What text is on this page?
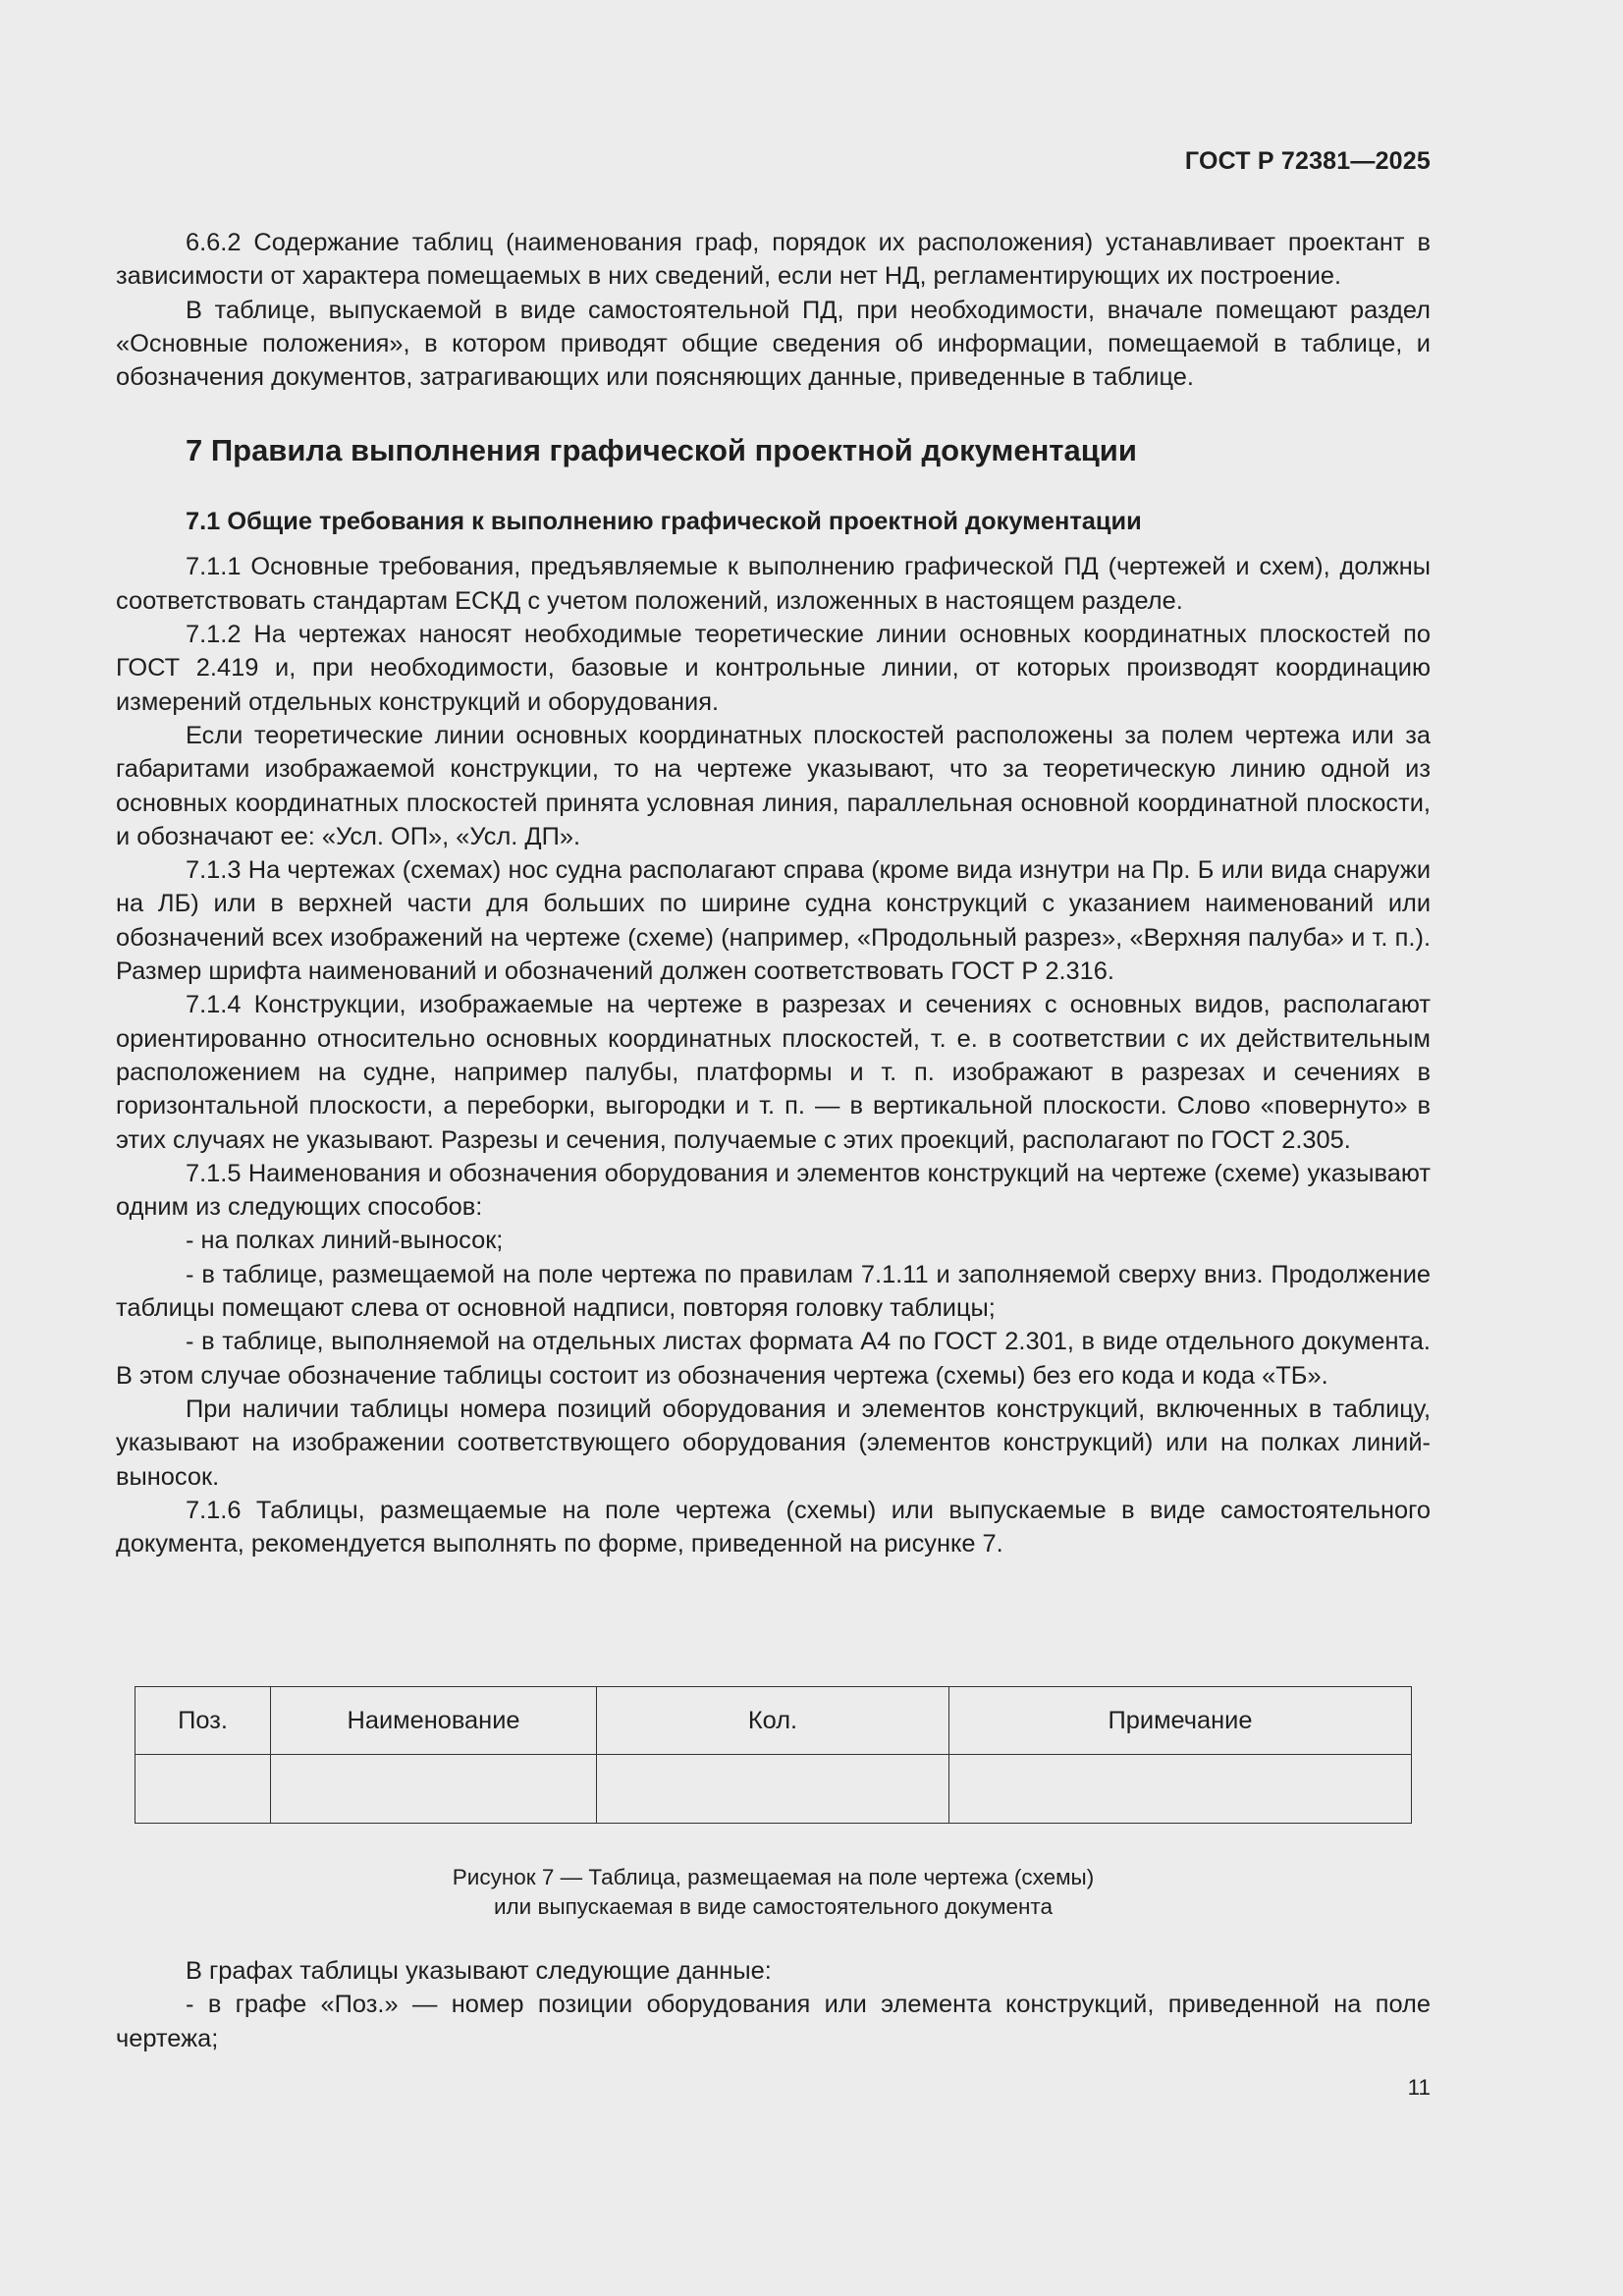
ГОСТ Р 72381—2025

6.6.2 Содержание таблиц (наименования граф, порядок их расположения) устанавливает проектант в зависимости от характера помещаемых в них сведений, если нет НД, регламентирующих их построение.

В таблице, выпускаемой в виде самостоятельной ПД, при необходимости, вначале помещают раздел «Основные положения», в котором приводят общие сведения об информации, помещаемой в таблице, и обозначения документов, затрагивающих или поясняющих данные, приведенные в таблице.

7 Правила выполнения графической проектной документации
7.1 Общие требования к выполнению графической проектной документации

7.1.1 Основные требования, предъявляемые к выполнению графической ПД (чертежей и схем), должны соответствовать стандартам ЕСКД с учетом положений, изложенных в настоящем разделе.

7.1.2 На чертежах наносят необходимые теоретические линии основных координатных плоскостей по ГОСТ 2.419 и, при необходимости, базовые и контрольные линии, от которых производят координацию измерений отдельных конструкций и оборудования.

Если теоретические линии основных координатных плоскостей расположены за полем чертежа или за габаритами изображаемой конструкции, то на чертеже указывают, что за теоретическую линию одной из основных координатных плоскостей принята условная линия, параллельная основной координатной плоскости, и обозначают ее: «Усл. ОП», «Усл. ДП».

7.1.3 На чертежах (схемах) нос судна располагают справа (кроме вида изнутри на Пр. Б или вида снаружи на ЛБ) или в верхней части для больших по ширине судна конструкций с указанием наименований или обозначений всех изображений на чертеже (схеме) (например, «Продольный разрез», «Верхняя палуба» и т. п.). Размер шрифта наименований и обозначений должен соответствовать ГОСТ Р 2.316.

7.1.4 Конструкции, изображаемые на чертеже в разрезах и сечениях с основных видов, располагают ориентированно относительно основных координатных плоскостей, т. е. в соответствии с их действительным расположением на судне, например палубы, платформы и т. п. изображают в разрезах и сечениях в горизонтальной плоскости, а переборки, выгородки и т. п. — в вертикальной плоскости. Слово «повернуто» в этих случаях не указывают. Разрезы и сечения, получаемые с этих проекций, располагают по ГОСТ 2.305.

7.1.5 Наименования и обозначения оборудования и элементов конструкций на чертеже (схеме) указывают одним из следующих способов:

- на полках линий-выносок;

- в таблице, размещаемой на поле чертежа по правилам 7.1.11 и заполняемой сверху вниз. Продолжение таблицы помещают слева от основной надписи, повторяя головку таблицы;

- в таблице, выполняемой на отдельных листах формата А4 по ГОСТ 2.301, в виде отдельного документа. В этом случае обозначение таблицы состоит из обозначения чертежа (схемы) без его кода и кода «ТБ».

При наличии таблицы номера позиций оборудования и элементов конструкций, включенных в таблицу, указывают на изображении соответствующего оборудования (элементов конструкций) или на полках линий-выносок.

7.1.6 Таблицы, размещаемые на поле чертежа (схемы) или выпускаемые в виде самостоятельного документа, рекомендуется выполнять по форме, приведенной на рисунке 7.

Поз.	Наименование	Кол.	Примечание

Рисунок 7 — Таблица, размещаемая на поле чертежа (схемы)
или выпускаемая в виде самостоятельного документа

В графах таблицы указывают следующие данные:

- в графе «Поз.» — номер позиции оборудования или элемента конструкций, приведенной на поле чертежа;

11
